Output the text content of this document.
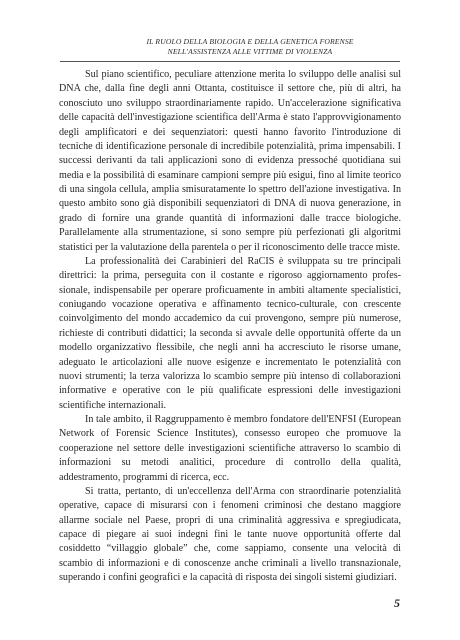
IL RUOLO DELLA BIOLOGIA E DELLA GENETICA FORENSE
NELL'ASSISTENZA ALLE VITTIME DI VIOLENZA

Sul piano scientifico, peculiare attenzione merita lo sviluppo delle analisi sul DNA che, dalla fine degli anni Ottanta, costituisce il settore che, più di altri, ha conosciuto uno sviluppo straordinariamente rapido. Un'accelerazione significativa delle capacità dell'investigazione scientifica dell'Arma è stato l'approvvigionamento degli amplificatori e dei sequenziatori: questi hanno favorito l'introduzione di tecniche di identificazione personale di incredibile potenzialità, prima impensabili. I successi derivanti da tali applicazioni sono di evidenza pressoché quotidiana sui media e la possibilità di esaminare campioni sempre più esigui, fino al limite teorico di una singola cellula, amplia smisuratamente lo spettro dell'azione investigativa. In questo ambito sono già disponibili sequenziatori di DNA di nuova generazione, in grado di fornire una grande quantità di informazioni dalle tracce biologiche. Parallelamente alla strumentazione, si sono sempre più perfezionati gli algoritmi statistici per la valutazione della parentela o per il riconoscimento delle tracce miste.

La professionalità dei Carabinieri del RaCIS è sviluppata su tre principali direttrici: la prima, perseguita con il costante e rigoroso aggiornamento professionale, indispensabile per operare proficuamente in ambiti altamente specialistici, coniugando vocazione operativa e affinamento tecnico-culturale, con crescente coinvolgimento del mondo accademico da cui provengono, sempre più numerose, richieste di contributi didattici; la seconda si avvale delle opportunità offerte da un modello organizzativo flessibile, che negli anni ha accresciuto le risorse umane, adeguato le articolazioni alle nuove esigenze e incrementato le potenzialità con nuovi strumenti; la terza valorizza lo scambio sempre più intenso di collaborazioni informative e operative con le più qualificate espressioni delle investigazioni scientifiche internazionali.

In tale ambito, il Raggruppamento è membro fondatore dell'ENFSI (European Network of Forensic Science Institutes), consesso europeo che promuove la cooperazione nel settore delle investigazioni scientifiche attraverso lo scambio di informazioni su metodi analitici, procedure di controllo della qualità, addestramento, programmi di ricerca, ecc.

Si tratta, pertanto, di un'eccellenza dell'Arma con straordinarie potenzialità operative, capace di misurarsi con i fenomeni criminosi che destano maggiore allarme sociale nel Paese, propri di una criminalità aggressiva e spregiudicata, capace di piegare ai suoi indegni fini le tante nuove opportunità offerte dal cosiddetto “villaggio globale” che, come sappiamo, consente una velocità di scambio di informazioni e di conoscenze anche criminali a livello transnazionale, superando i confini geografici e la capacità di risposta dei singoli sistemi giudiziari.

5
